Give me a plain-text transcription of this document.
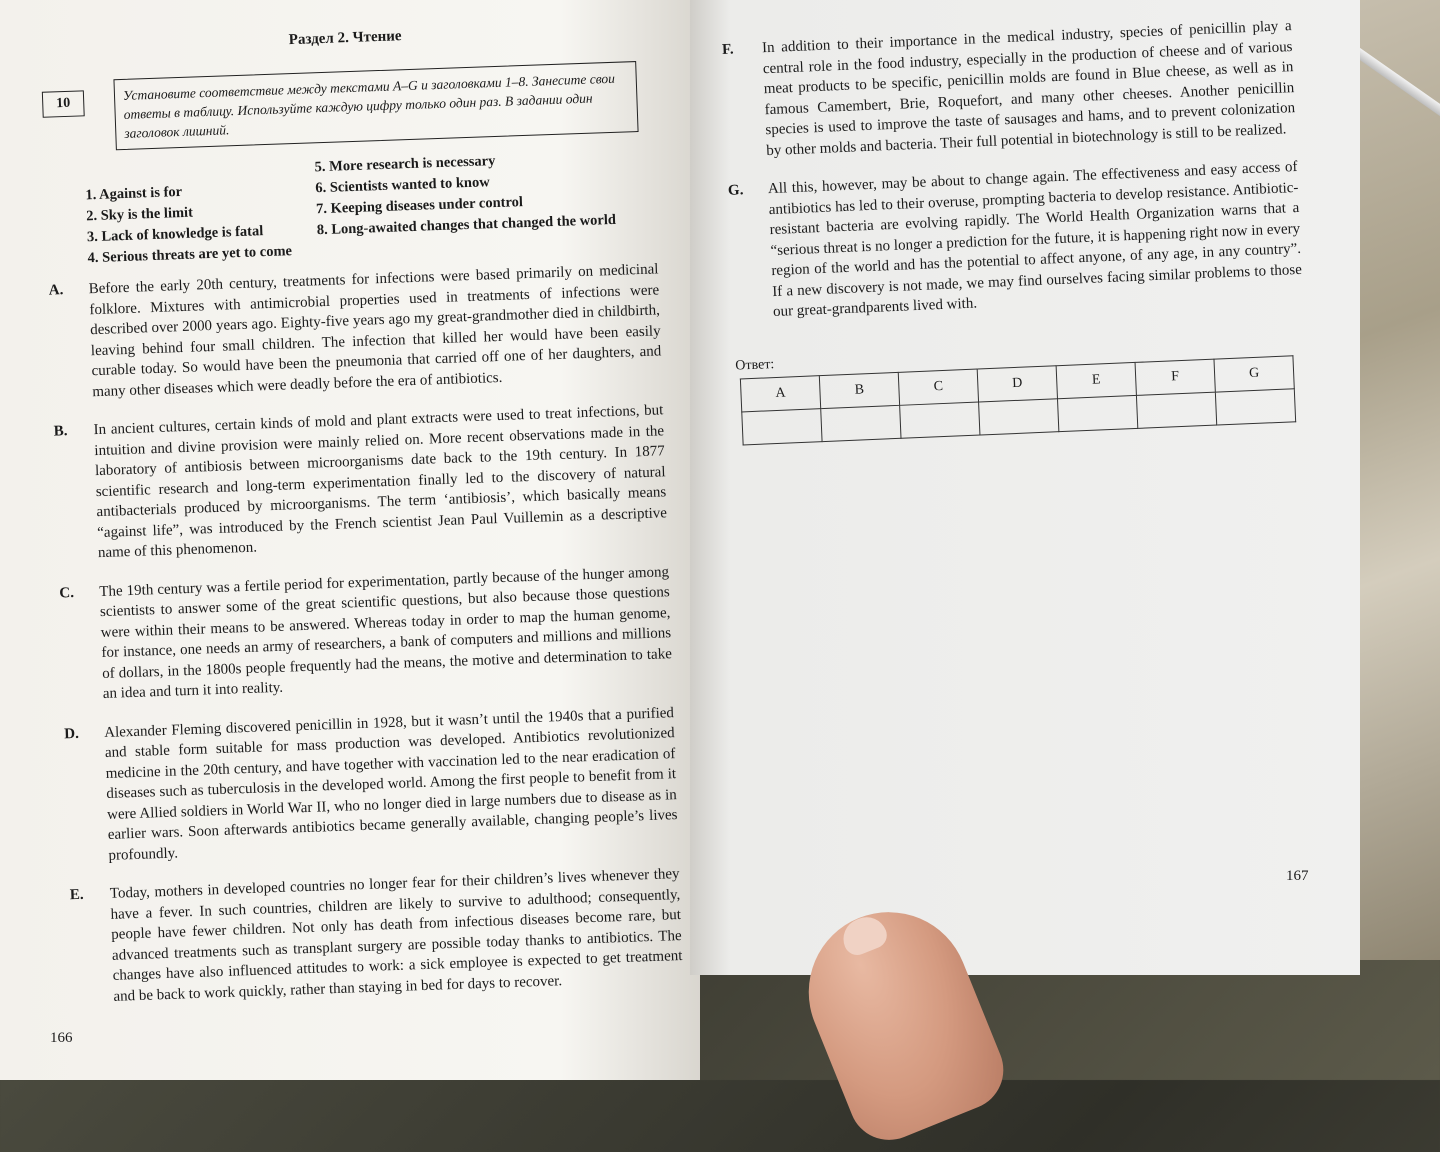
Раздел 2. Чтение
10
Установите соответствие между текстами А–G и заголовками 1–8. Занесите свои ответы в таблицу. Используйте каждую цифру только один раз. В задании один заголовок лишний.
1. Against is for
2. Sky is the limit
3. Lack of knowledge is fatal
4. Serious threats are yet to come
5. More research is necessary
6. Scientists wanted to know
7. Keeping diseases under control
8. Long-awaited changes that changed the world
A.	Before the early 20th century, treatments for infections were based primarily on medicinal folklore. Mixtures with antimicrobial properties used in treatments of infections were described over 2000 years ago. Eighty-five years ago my great-grandmother died in childbirth, leaving behind four small children. The infection that killed her would have been easily curable today. So would have been the pneumonia that carried off one of her daughters, and many other diseases which were deadly before the era of antibiotics.
B.	In ancient cultures, certain kinds of mold and plant extracts were used to treat infections, but intuition and divine provision were mainly relied on. More recent observations made in the laboratory of antibiosis between microorganisms date back to the 19th century. In 1877 scientific research and long-term experimentation finally led to the discovery of natural antibacterials produced by microorganisms. The term ‘antibiosis’, which basically means “against life”, was introduced by the French scientist Jean Paul Vuillemin as a descriptive name of this phenomenon.
C.	The 19th century was a fertile period for experimentation, partly because of the hunger among scientists to answer some of the great scientific questions, but also because those questions were within their means to be answered. Whereas today in order to map the human genome, for instance, one needs an army of researchers, a bank of computers and millions and millions of dollars, in the 1800s people frequently had the means, the motive and determination to take an idea and turn it into reality.
D.	Alexander Fleming discovered penicillin in 1928, but it wasn’t until the 1940s that a purified and stable form suitable for mass production was developed. Antibiotics revolutionized medicine in the 20th century, and have together with vaccination led to the near eradication of diseases such as tuberculosis in the developed world. Among the first people to benefit from it were Allied soldiers in World War II, who no longer died in large numbers due to disease as in earlier wars. Soon afterwards antibiotics became generally available, changing people’s lives profoundly.
E.	Today, mothers in developed countries no longer fear for their children’s lives whenever they have a fever. In such countries, children are likely to survive to adulthood; consequently, people have fewer children. Not only has death from infectious diseases become rare, but advanced treatments such as transplant surgery are possible today thanks to antibiotics. The changes have also influenced attitudes to work: a sick employee is expected to get treatment and be back to work quickly, rather than staying in bed for days to recover.
166
F.	In addition to their importance in the medical industry, species of penicillin play a central role in the food industry, especially in the production of cheese and of various meat products to be specific, penicillin molds are found in Blue cheese, as well as in famous Camembert, Brie, Roquefort, and many other cheeses. Another penicillin species is used to improve the taste of sausages and hams, and to prevent colonization by other molds and bacteria. Their full potential in biotechnology is still to be realized.
G.	All this, however, may be about to change again. The effectiveness and easy access of antibiotics has led to their overuse, prompting bacteria to develop resistance. Antibiotic-resistant bacteria are evolving rapidly. The World Health Organization warns that a “serious threat is no longer a prediction for the future, it is happening right now in every region of the world and has the potential to affect anyone, of any age, in any country”. If a new discovery is not made, we may find ourselves facing similar problems to those our great-grandparents lived with.
Ответ:
A	B	C	D	E	F	G

167
